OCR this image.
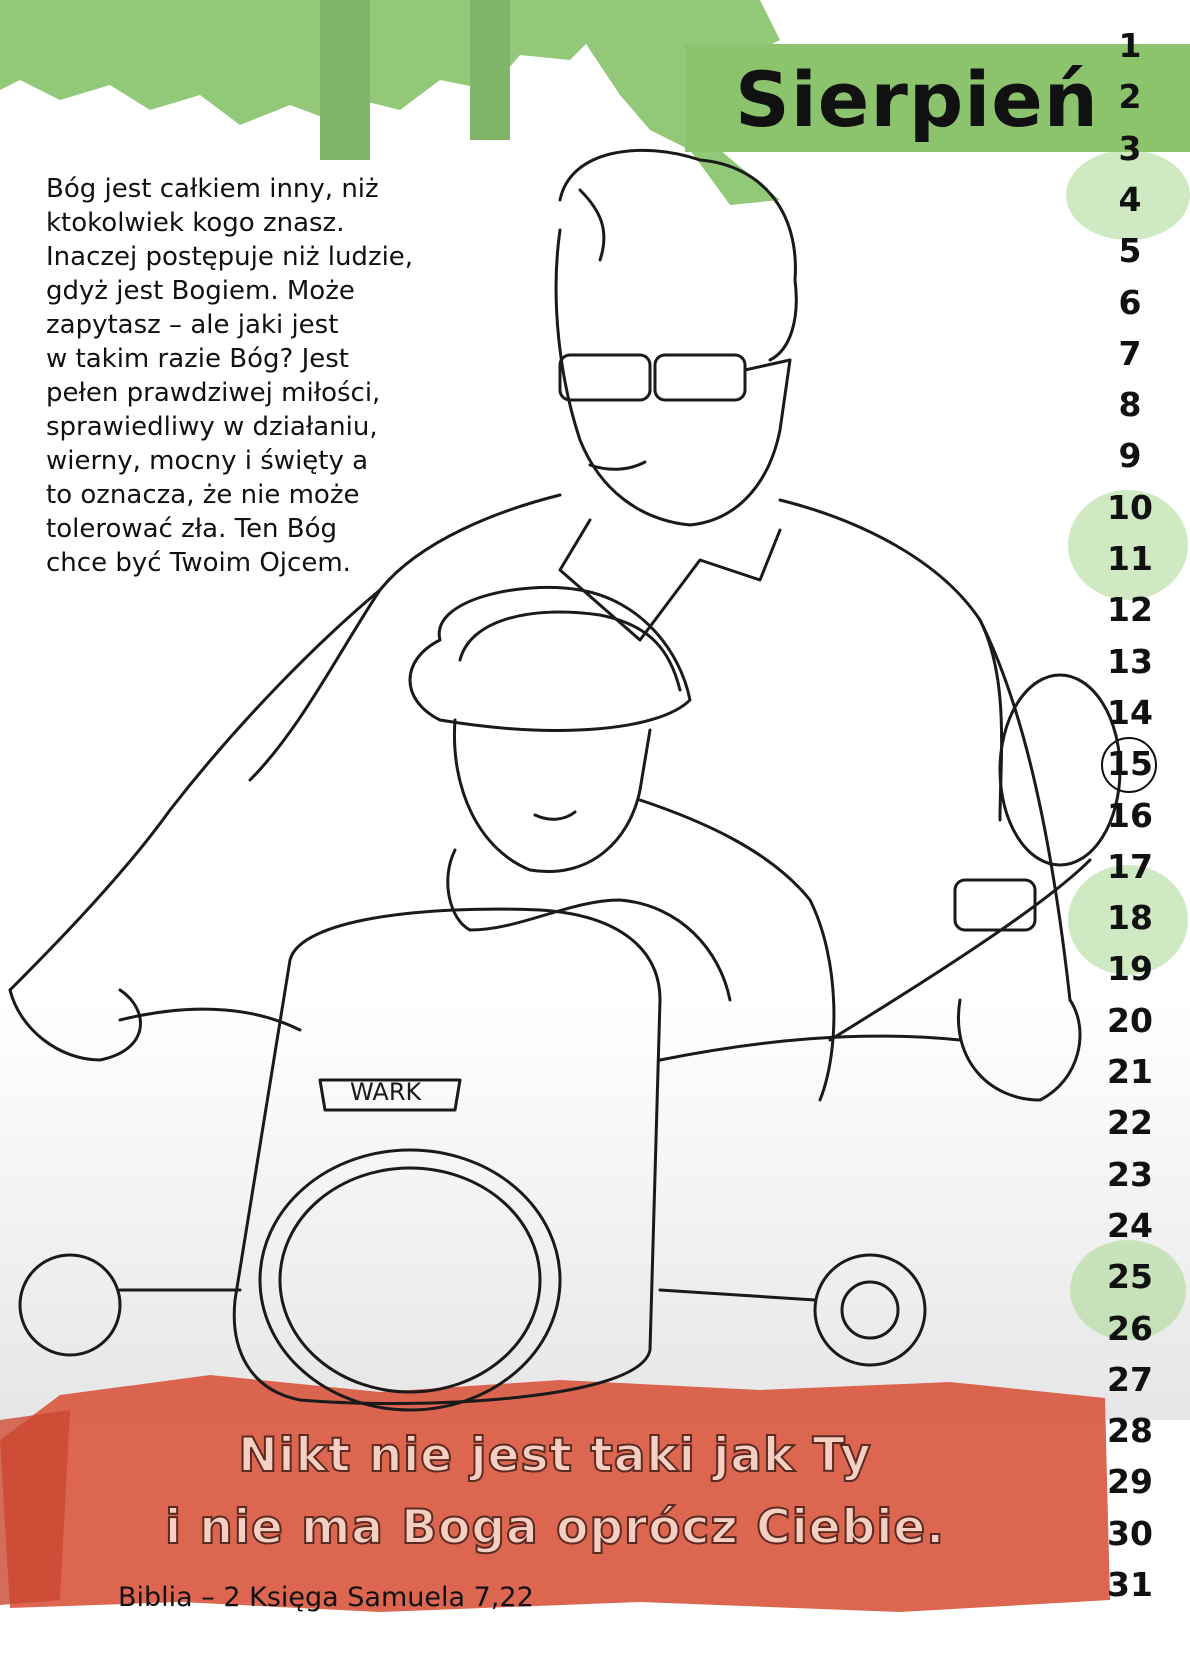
WARK
Sierpień
Bóg jest całkiem inny, niż
ktokolwiek kogo znasz.
Inaczej postępuje niż ludzie,
gdyż jest Bogiem. Może
zapytasz – ale jaki jest
w takim razie Bóg? Jest
pełen prawdziwej miłości,
sprawiedliwy w działaniu,
wierny, mocny i święty a
to oznacza, że nie może
tolerować zła. Ten Bóg
chce być Twoim Ojcem.
1
2
3
4
5
6
7
8
9
10
11
12
13
14
15
16
17
18
19
20
21
22
23
24
25
26
27
28
29
30
31
Nikt nie jest taki jak Ty
i nie ma Boga oprócz Ciebie.
Biblia – 2 Księga Samuela 7,22
